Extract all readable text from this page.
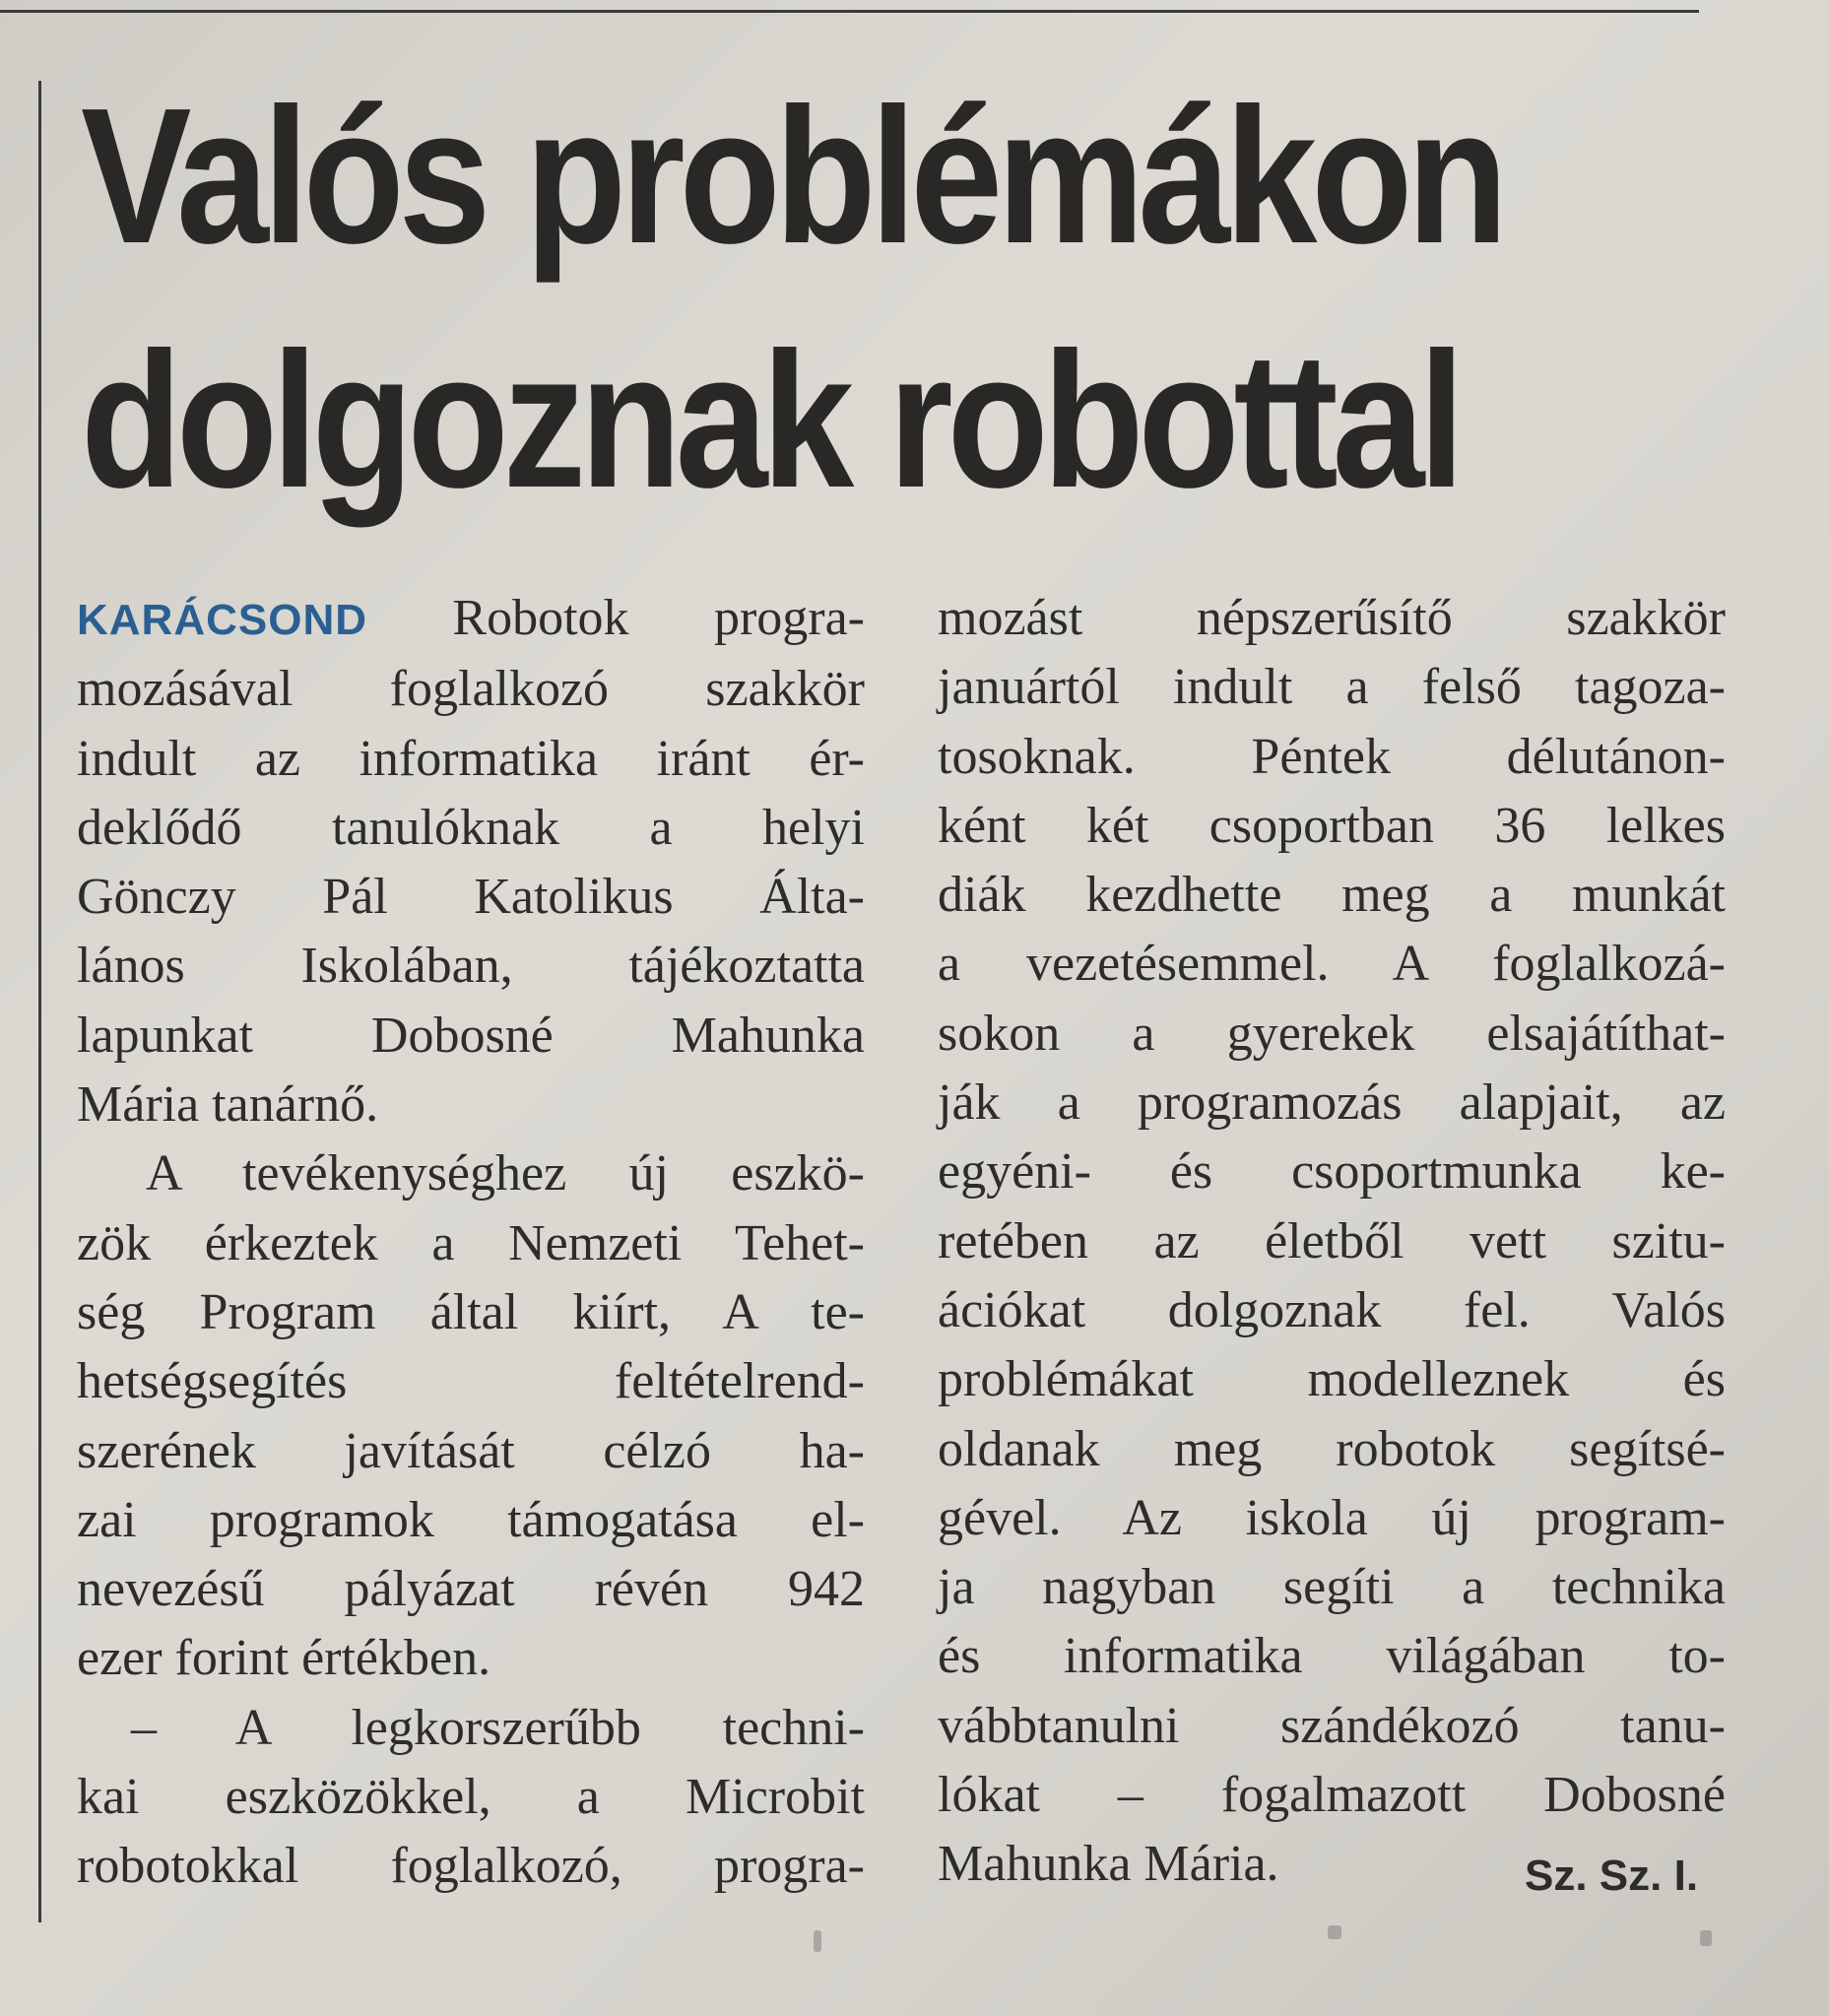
Valós problémákon
dolgoznak robottal
KARÁCSOND Robotok progra-
mozásával foglalkozó szakkör
indult az informatika iránt ér-
deklődő tanulóknak a helyi
Gönczy Pál Katolikus Álta-
lános Iskolában, tájékoztatta
lapunkat Dobosné Mahunka
Mária tanárnő.
A tevékenységhez új eszkö-
zök érkeztek a Nemzeti Tehet-
ség Program által kiírt, A te-
hetségsegítés feltételrend-
szerének javítását célzó ha-
zai programok támogatása el-
nevezésű pályázat révén 942
ezer forint értékben.
– A legkorszerűbb techni-
kai eszközökkel, a Microbit
robotokkal foglalkozó, progra-
mozást népszerűsítő szakkör
januártól indult a felső tagoza-
tosoknak. Péntek délutánon-
ként két csoportban 36 lelkes
diák kezdhette meg a munkát
a vezetésemmel. A foglalkozá-
sokon a gyerekek elsajátíthat-
ják a programozás alapjait, az
egyéni- és csoportmunka ke-
retében az életből vett szitu-
ációkat dolgoznak fel. Valós
problémákat modelleznek és
oldanak meg robotok segítsé-
gével. Az iskola új program-
ja nagyban segíti a technika
és informatika világában to-
vábbtanulni szándékozó tanu-
lókat – fogalmazott Dobosné
Mahunka Mária.	Sz. Sz. I.
